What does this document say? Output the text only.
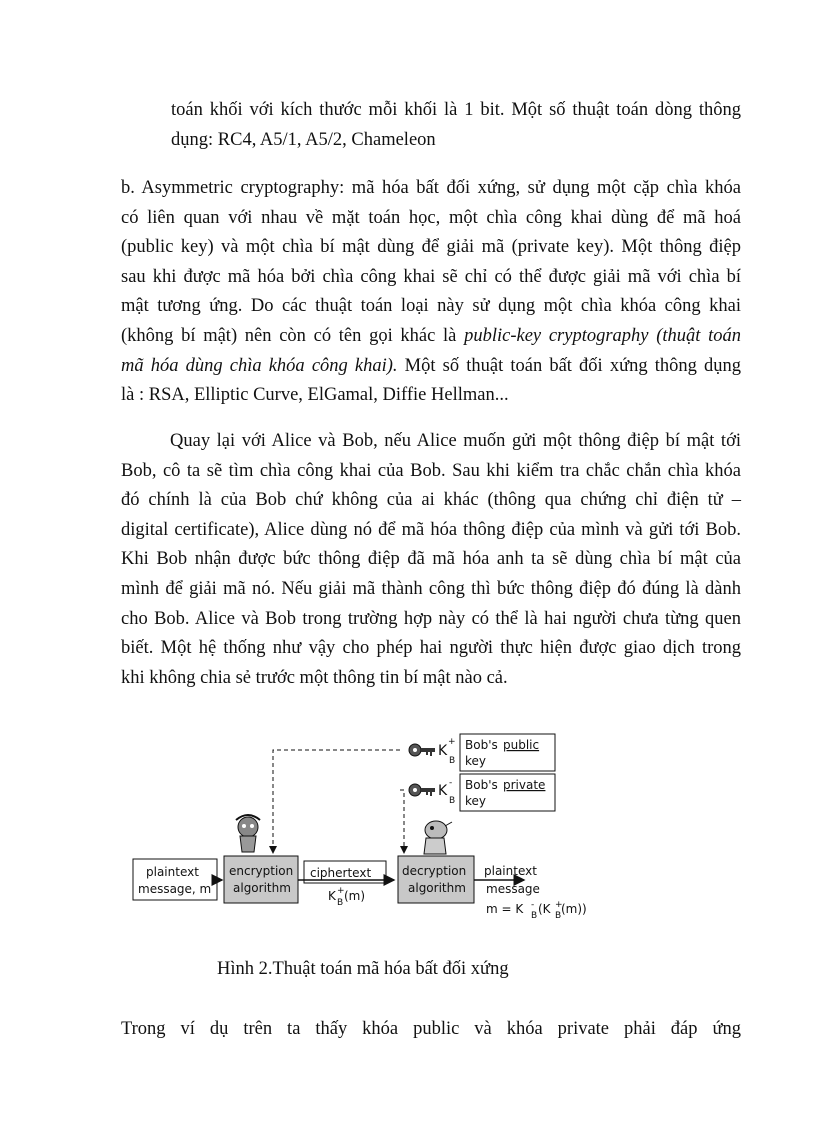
toán khối với kích thước mỗi khối là 1 bit. Một số thuật toán dòng thông
dụng: RC4, A5/1, A5/2, Chameleon
b. Asymmetric cryptography: mã hóa bất đối xứng, sử dụng một cặp chìa khóa
có liên quan với nhau về mặt toán học, một chìa công khai dùng để mã hoá
(public key) và một chìa bí mật dùng để giải mã (private key). Một thông điệp
sau khi được mã hóa bởi chìa công khai sẽ chỉ có thể được giải mã với chìa bí
mật tương ứng. Do các thuật toán loại này sử dụng một chìa khóa công khai
(không bí mật) nên còn có tên gọi khác là public-key cryptography (thuật toán
mã hóa dùng chìa khóa công khai). Một số thuật toán bất đối xứng thông dụng
là : RSA, Elliptic Curve, ElGamal, Diffie Hellman...
Quay lại với Alice và Bob, nếu Alice muốn gửi một thông điệp bí mật tới
Bob, cô ta sẽ tìm chìa công khai của Bob. Sau khi kiểm tra chắc chắn chìa khóa
đó chính là của Bob chứ không của ai khác (thông qua chứng chỉ điện tử –
digital certificate), Alice dùng nó để mã hóa thông điệp của mình và gửi tới Bob.
Khi Bob nhận được bức thông điệp đã mã hóa anh ta sẽ dùng chìa bí mật của
mình để giải mã nó. Nếu giải mã thành công thì bức thông điệp đó đúng là dành
cho Bob. Alice và Bob trong trường hợp này có thể là hai người chưa từng quen
biết. Một hệ thống như vậy cho phép hai người thực hiện được giao dịch trong
khi không chia sẻ trước một thông tin bí mật nào cả.
K
+
B
Bob's public
key
K -
B
Bob's private
key
plaintext
message, m
encryption
algorithm
ciphertext
K +
B (m)
decryption
algorithm
plaintext
message
m = K -
B (K +
B (m))
Hình 2.Thuật toán mã hóa bất đối xứng
Trong ví dụ trên ta thấy khóa public và khóa private phải đáp ứng
